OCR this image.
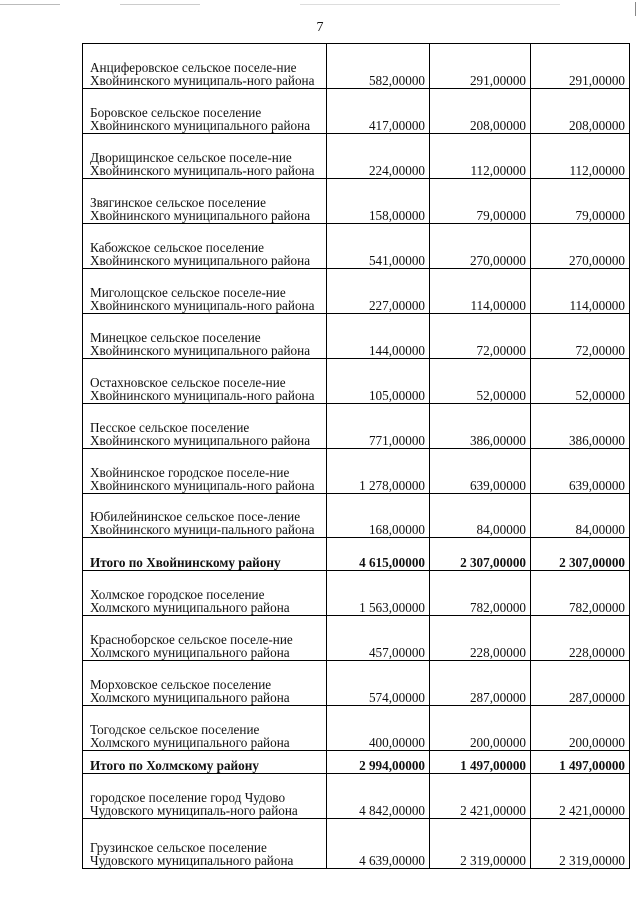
7
Анциферовское сельское поселе-ние Хвойнинского муниципаль-ного района	582,00000	291,00000	291,00000
Боровское сельское поселение Хвойнинского муниципального района	417,00000	208,00000	208,00000
Дворищинское сельское поселе-ние Хвойнинского муниципаль-ного района	224,00000	112,00000	112,00000
Звягинское сельское поселение Хвойнинского муниципального района	158,00000	79,00000	79,00000
Кабожское сельское поселение Хвойнинского муниципального района	541,00000	270,00000	270,00000
Миголощское сельское поселе-ние Хвойнинского муниципаль-ного района	227,00000	114,00000	114,00000
Минецкое сельское поселение Хвойнинского муниципального района	144,00000	72,00000	72,00000
Остахновское сельское поселе-ние Хвойнинского муниципаль-ного района	105,00000	52,00000	52,00000
Песское сельское поселение Хвойнинского муниципального района	771,00000	386,00000	386,00000
Хвойнинское городское поселе-ние Хвойнинского муниципаль-ного района	1 278,00000	639,00000	639,00000
Юбилейнинское сельское посе-ление Хвойнинского муници-пального района	168,00000	84,00000	84,00000
Итого по Хвойнинскому району	4 615,00000	2 307,00000	2 307,00000
Холмское городское поселение Холмского муниципального района	1 563,00000	782,00000	782,00000
Красноборское сельское поселе-ние Холмского муниципального района	457,00000	228,00000	228,00000
Морховское сельское поселение Холмского муниципального района	574,00000	287,00000	287,00000
Тогодское сельское поселение Холмского муниципального района	400,00000	200,00000	200,00000
Итого по Холмскому району	2 994,00000	1 497,00000	1 497,00000
городское поселение город Чудово Чудовского муниципаль-ного района	4 842,00000	2 421,00000	2 421,00000
Грузинское сельское поселение Чудовского муниципального района	4 639,00000	2 319,00000	2 319,00000
